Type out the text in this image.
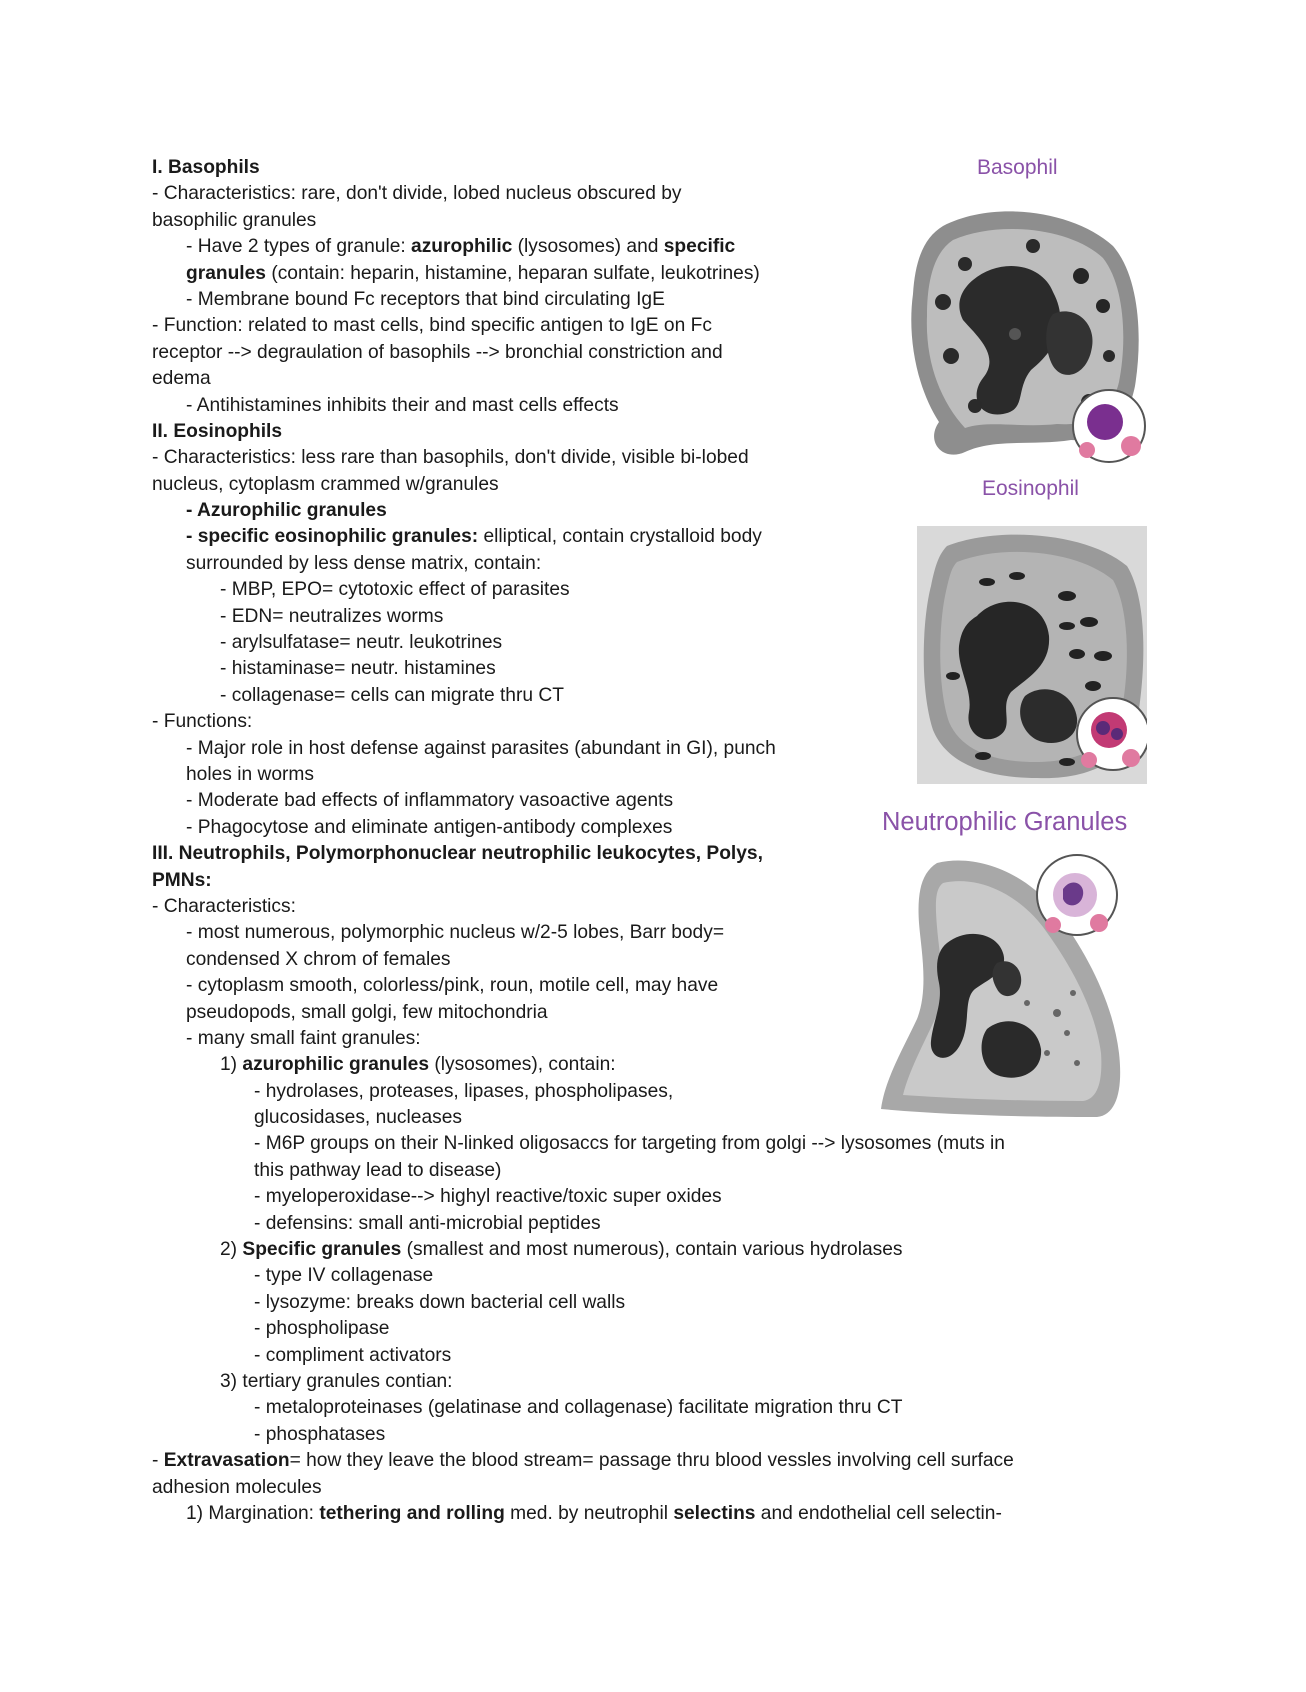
I. Basophils
- Characteristics: rare, don't divide, lobed nucleus obscured by
basophilic granules
- Have 2 types of granule: azurophilic (lysosomes) and specific
granules (contain: heparin, histamine, heparan sulfate, leukotrines)
- Membrane bound Fc receptors that bind circulating IgE
- Function: related to mast cells, bind specific antigen to IgE on Fc
receptor --> degraulation of basophils --> bronchial constriction and
edema
- Antihistamines inhibits their and mast cells effects
II. Eosinophils
- Characteristics: less rare than basophils, don't divide, visible bi-lobed
nucleus, cytoplasm crammed w/granules
- Azurophilic granules
- specific eosinophilic granules: elliptical, contain crystalloid body
surrounded by less dense matrix, contain:
- MBP, EPO= cytotoxic effect of parasites
- EDN= neutralizes worms
- arylsulfatase= neutr. leukotrines
- histaminase= neutr. histamines
- collagenase= cells can migrate thru CT
- Functions:
- Major role in host defense against parasites (abundant in GI), punch
holes in worms
- Moderate bad effects of inflammatory vasoactive agents
- Phagocytose and eliminate antigen-antibody complexes
III. Neutrophils, Polymorphonuclear neutrophilic leukocytes, Polys,
PMNs:
- Characteristics:
- most numerous, polymorphic nucleus w/2-5 lobes, Barr body=
condensed X chrom of females
- cytoplasm smooth, colorless/pink, roun, motile cell, may have
pseudopods, small golgi, few mitochondria
- many small faint granules:
1) azurophilic granules (lysosomes), contain:
- hydrolases, proteases, lipases, phospholipases,
glucosidases, nucleases
- M6P groups on their N-linked oligosaccs for targeting from golgi --> lysosomes (muts in
this pathway lead to disease)
- myeloperoxidase--> highyl reactive/toxic super oxides
- defensins: small anti-microbial peptides
2) Specific granules (smallest and most numerous), contain various hydrolases
- type IV collagenase
- lysozyme: breaks down bacterial cell walls
- phospholipase
- compliment activators
3) tertiary granules contian:
- metaloproteinases (gelatinase and collagenase) facilitate migration thru CT
- phosphatases
- Extravasation= how they leave the blood stream= passage thru blood vessles involving cell surface
adhesion molecules
1) Margination: tethering and rolling med. by neutrophil selectins and endothelial cell selectin-
Basophil
Eosinophil
Neutrophilic Granules
